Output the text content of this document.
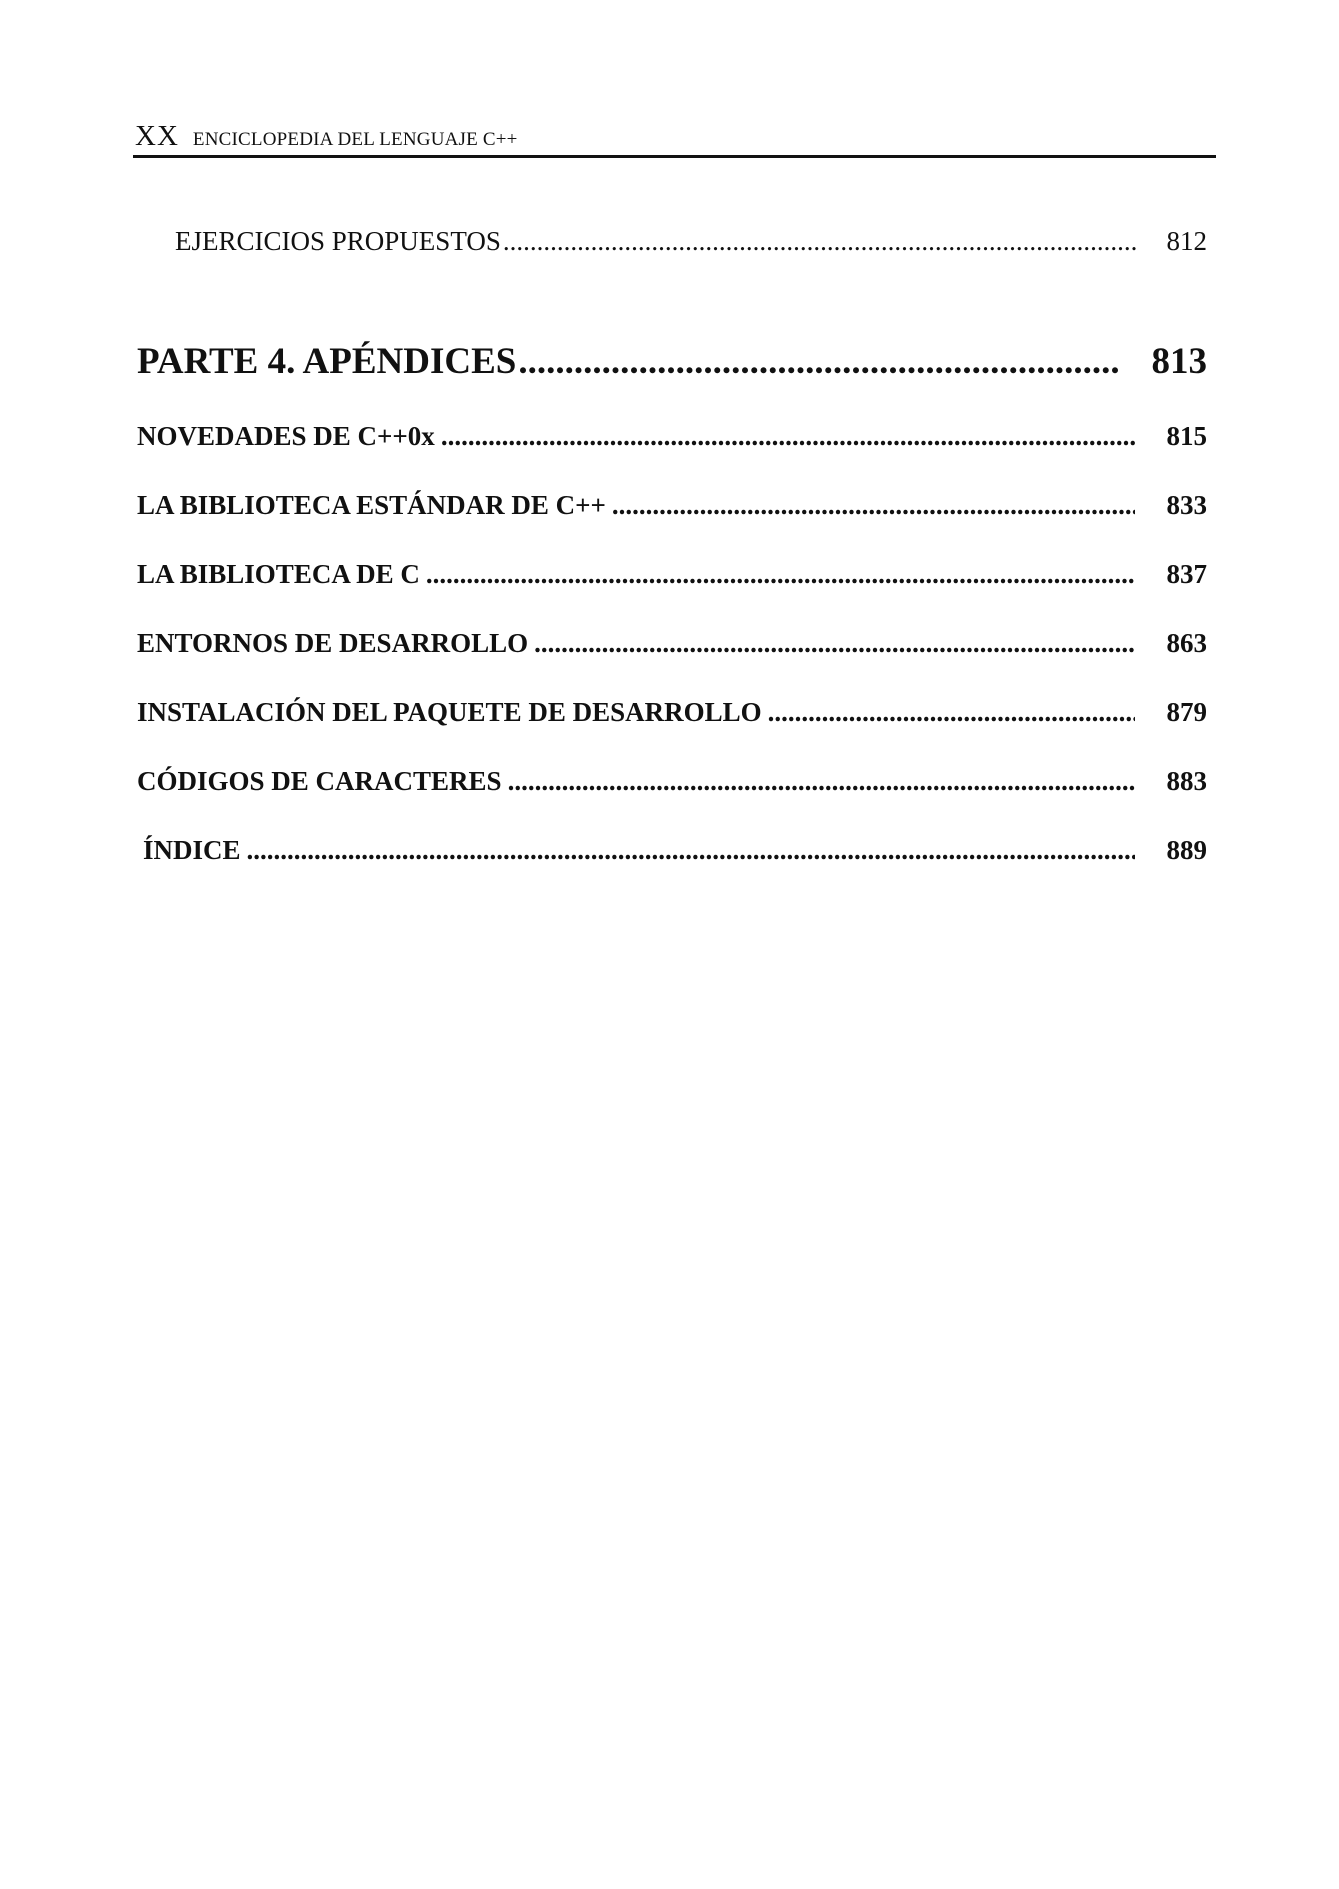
XX ENCICLOPEDIA DEL LENGUAJE C++
EJERCICIOS PROPUESTOS .....	812
PARTE 4. APÉNDICES .....	813
NOVEDADES DE C++0x .....	815
LA BIBLIOTECA ESTÁNDAR DE C++ .....	833
LA BIBLIOTECA DE C .....	837
ENTORNOS DE DESARROLLO .....	863
INSTALACIÓN DEL PAQUETE DE DESARROLLO .....	879
CÓDIGOS DE CARACTERES .....	883
ÍNDICE .....	889
